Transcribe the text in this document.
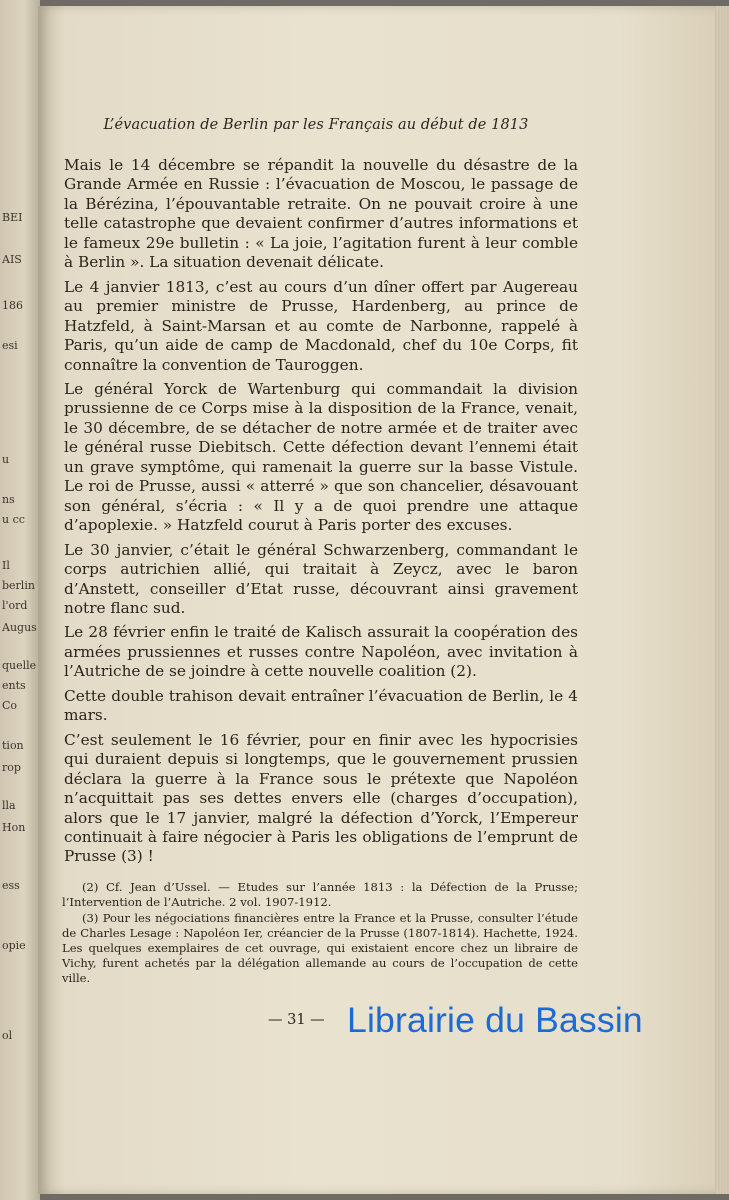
BEI
AIS
186
esi
u
ns
u cc
Il
berlin
l'ord
Augus
quelle
ents
Co
tion
rop
lla
Hon
ess
opie
ol
L’évacuation de Berlin par les Français au début de 1813

Mais le 14 décembre se répandit la nouvelle du désastre de la Grande Armée en Russie : l’évacuation de Moscou, le passage de la Bérézina, l’épouvantable retraite. On ne pouvait croire à une telle catastrophe que devaient confirmer d’autres informations et le fameux 29e bulletin : « La joie, l’agitation furent à leur comble à Berlin ». La situation devenait délicate.

Le 4 janvier 1813, c’est au cours d’un dîner offert par Augereau au premier ministre de Prusse, Hardenberg, au prince de Hatzfeld, à Saint-Marsan et au comte de Narbonne, rappelé à Paris, qu’un aide de camp de Macdonald, chef du 10e Corps, fit connaître la convention de Tauroggen.

Le général Yorck de Wartenburg qui commandait la division prussienne de ce Corps mise à la disposition de la France, venait, le 30 décembre, de se détacher de notre armée et de traiter avec le général russe Diebitsch. Cette défection devant l’ennemi était un grave symptôme, qui ramenait la guerre sur la basse Vistule. Le roi de Prusse, aussi « atterré » que son chancelier, désavouant son général, s’écria : « Il y a de quoi prendre une attaque d’apoplexie. » Hatzfeld courut à Paris porter des excuses.

Le 30 janvier, c’était le général Schwarzenberg, commandant le corps autrichien allié, qui traitait à Zeycz, avec le baron d’Anstett, conseiller d’Etat russe, découvrant ainsi gravement notre flanc sud.

Le 28 février enfin le traité de Kalisch assurait la coopération des armées prussiennes et russes contre Napoléon, avec invitation à l’Autriche de se joindre à cette nouvelle coalition (2).

Cette double trahison devait entraîner l’évacuation de Berlin, le 4 mars.

C’est seulement le 16 février, pour en finir avec les hypocrisies qui duraient depuis si longtemps, que le gouvernement prussien déclara la guerre à la France sous le prétexte que Napoléon n’acquittait pas ses dettes envers elle (charges d’occupation), alors que le 17 janvier, malgré la défection d’Yorck, l’Empereur continuait à faire négocier à Paris les obligations de l’emprunt de Prusse (3) !

(2) Cf. Jean d’Ussel. — Etudes sur l’année 1813 : la Défection de la Prusse; l’Intervention de l’Autriche. 2 vol. 1907-1912.

(3) Pour les négociations financières entre la France et la Prusse, consulter l’étude de Charles Lesage : Napoléon Ier, créancier de la Prusse (1807-1814). Hachette, 1924. Les quelques exemplaires de cet ouvrage, qui existaient encore chez un libraire de Vichy, furent achetés par la délégation allemande au cours de l’occupation de cette ville.

— 31 — Librairie du Bassin
